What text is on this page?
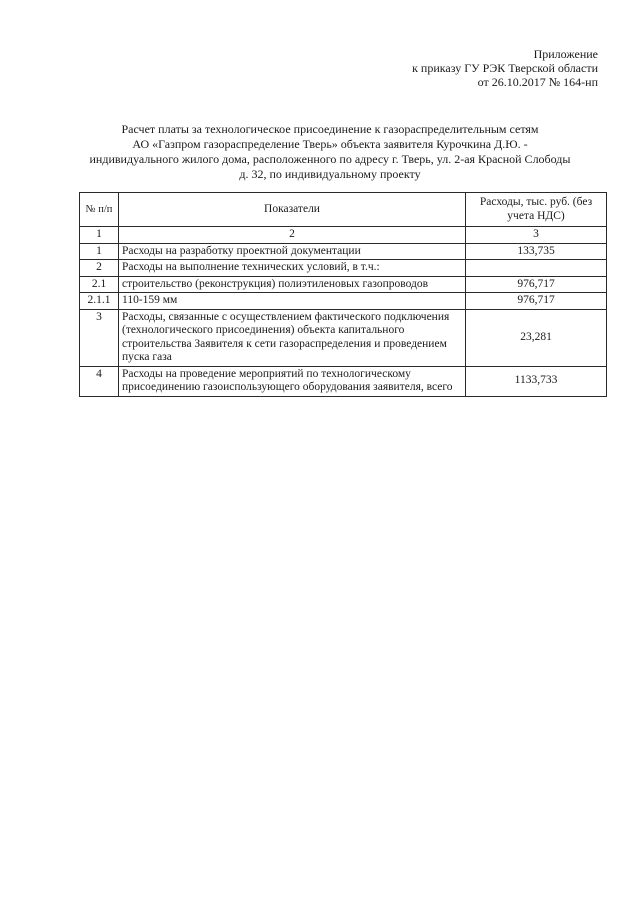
Приложение
к приказу ГУ РЭК Тверской области
от 26.10.2017 № 164-нп
Расчет платы за технологическое присоединение к газораспределительным сетям
АО «Газпром газораспределение Тверь» объекта заявителя Курочкина Д.Ю. -
индивидуального жилого дома, расположенного по адресу г. Тверь, ул. 2-ая Красной Слободы
д. 32, по индивидуальному проекту
№ п/п	Показатели	Расходы, тыс. руб. (без учета НДС)
1	2	3
1	Расходы на разработку проектной документации	133,735
2	Расходы на выполнение технических условий, в т.ч.:	
2.1	строительство (реконструкция) полиэтиленовых газопроводов	976,717
2.1.1	110-159 мм	976,717
3	Расходы, связанные с осуществлением фактического подключения (технологического присоединения) объекта капитального строительства Заявителя к сети газораспределения и проведением пуска газа	23,281
4	Расходы на проведение мероприятий по технологическому присоединению газоиспользующего оборудования заявителя, всего	1133,733
